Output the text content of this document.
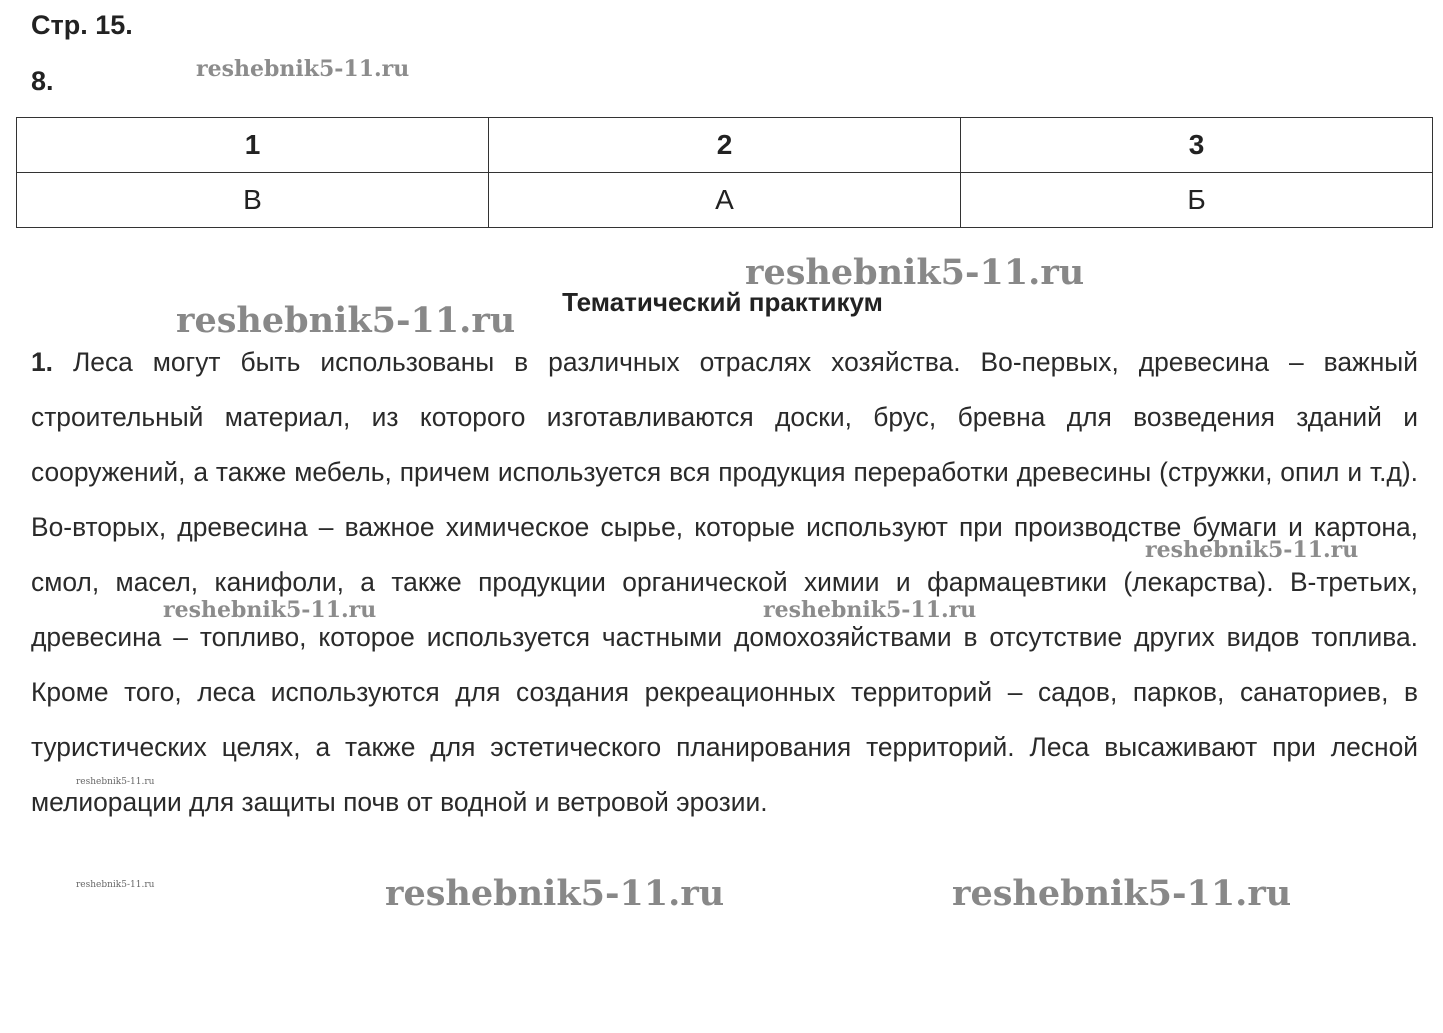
Стр. 15.
8.
1	2	3
В	А	Б
Тематический практикум

1. Леса могут быть использованы в различных отраслях хозяйства. Во-первых, древесина – важный строительный материал, из которого изготавливаются доски, брус, бревна для возведения зданий и сооружений, а также мебель, причем используется вся продукция переработки древесины (стружки, опил и т.д). Во-вторых, древесина – важное химическое сырье, которые используют при производстве бумаги и картона, смол, масел, канифоли, а также продукции органической химии и фармацевтики (лекарства). В-третьих, древесина – топливо, которое используется частными домохозяйствами в отсутствие других видов топлива. Кроме того, леса используются для создания рекреационных территорий – садов, парков, санаториев, в туристических целях, а также для эстетического планирования территорий. Леса высаживают при лесной мелиорации для защиты почв от водной и ветровой эрозии.

reshebnik5-11.ru
reshebnik5-11.ru
reshebnik5-11.ru
reshebnik5-11.ru
reshebnik5-11.ru	reshebnik5-11.ru
reshebnik5-11.ru
reshebnik5-11.ru	reshebnik5-11.ru	reshebnik5-11.ru
